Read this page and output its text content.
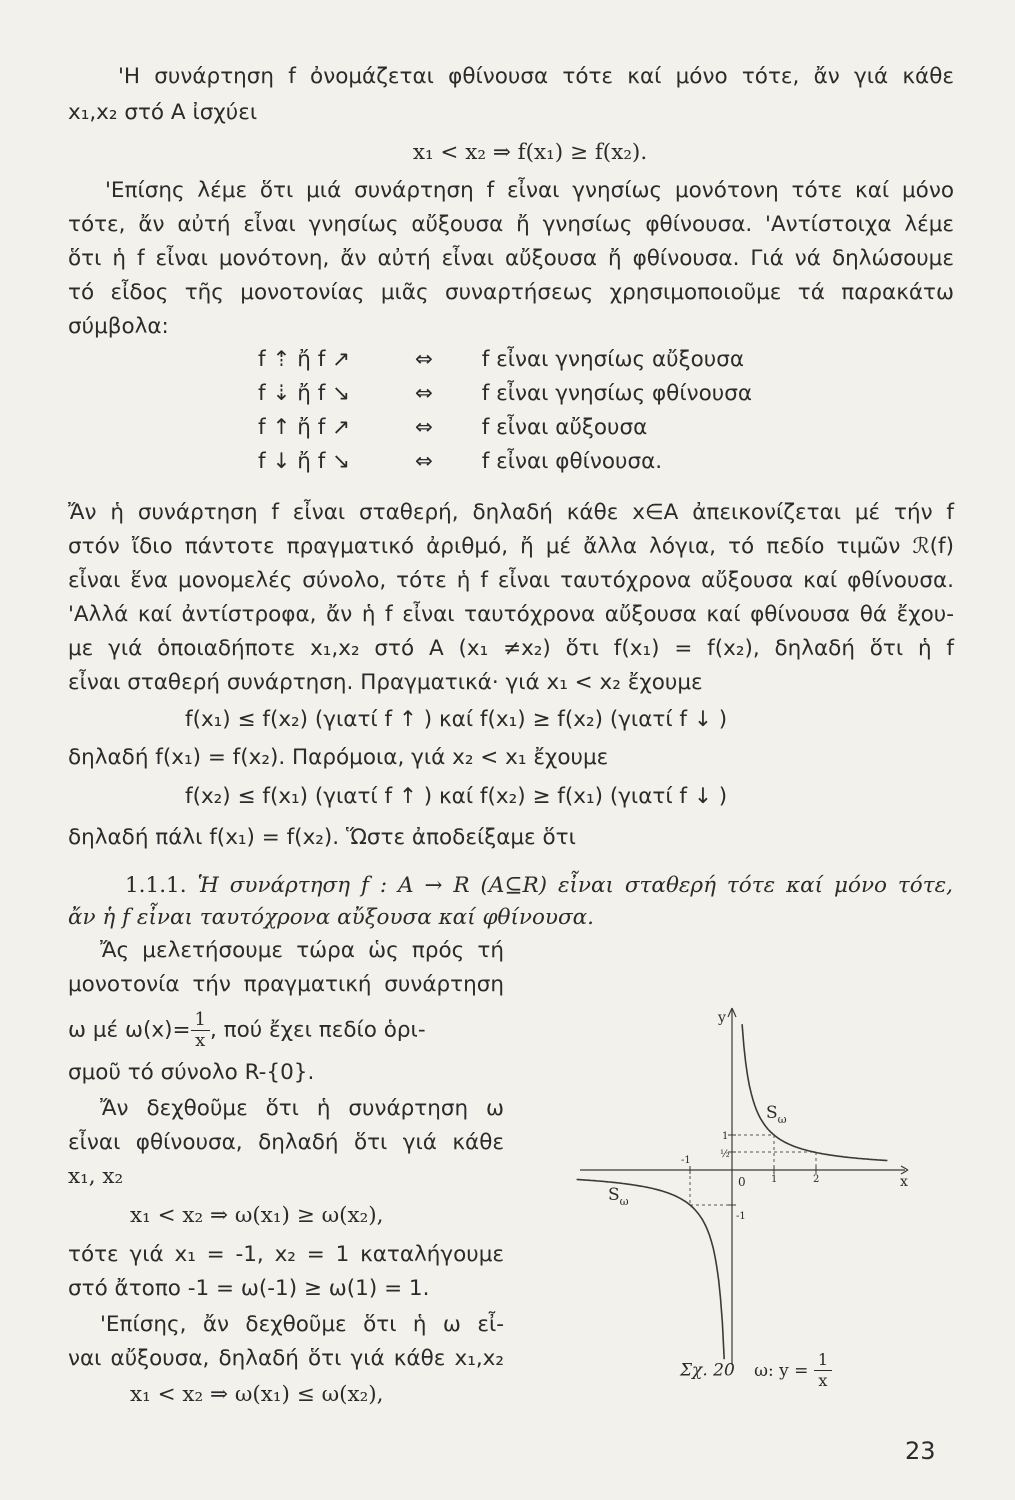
'Η συνάρτηση f ὀνομάζεται φθίνουσα τότε καί μόνο τότε, ἄν γιά κάθε
x₁,x₂ στό A ἰσχύει
x₁ < x₂ ⇒ f(x₁) ≥ f(x₂).
'Επίσης λέμε ὅτι μιά συνάρτηση f εἶναι γνησίως μονότονη τότε καί μόνο
τότε, ἄν αὐτή εἶναι γνησίως αὔξουσα ἤ γνησίως φθίνουσα. 'Αντίστοιχα λέμε
ὅτι ἡ f εἶναι μονότονη, ἄν αὐτή εἶναι αὔξουσα ἤ φθίνουσα. Γιά νά δηλώσουμε
τό εἶδος τῆς μονοτονίας μιᾶς συναρτήσεως χρησιμοποιοῦμε τά παρακάτω
σύμβολα:
f ⇡ ἤ f ↗	⇔ f εἶναι γνησίως αὔξουσα
f ⇣ ἤ f ↘	⇔ f εἶναι γνησίως φθίνουσα
f ↑ ἤ f ↗	⇔ f εἶναι αὔξουσα
f ↓ ἤ f ↘	⇔ f εἶναι φθίνουσα.
Ἄν ἡ συνάρτηση f εἶναι σταθερή, δηλαδή κάθε x∈A ἀπεικονίζεται μέ τήν f
στόν ἴδιο πάντοτε πραγματικό ἀριθμό, ἤ μέ ἄλλα λόγια, τό πεδίο τιμῶν ℛ(f)
εἶναι ἕνα μονομελές σύνολο, τότε ἡ f εἶναι ταυτόχρονα αὔξουσα καί φθίνουσα.
'Αλλά καί ἀντίστροφα, ἄν ἡ f εἶναι ταυτόχρονα αὔξουσα καί φθίνουσα θά ἔχου-
με γιά ὁποιαδήποτε x₁,x₂ στό A (x₁ ≠x₂) ὅτι f(x₁) = f(x₂), δηλαδή ὅτι ἡ f
εἶναι σταθερή συνάρτηση. Πραγματικά· γιά x₁ < x₂ ἔχουμε
f(x₁) ≤ f(x₂) (γιατί f ↑ ) καί f(x₁) ≥ f(x₂) (γιατί f ↓ )
δηλαδή f(x₁) = f(x₂). Παρόμοια, γιά x₂ < x₁ ἔχουμε
f(x₂) ≤ f(x₁) (γιατί f ↑ ) καί f(x₂) ≥ f(x₁) (γιατί f ↓ )
δηλαδή πάλι f(x₁) = f(x₂). Ὥστε ἀποδείξαμε ὅτι
1.1.1. Ἡ συνάρτηση f : A → R (A⊆R) εἶναι σταθερή τότε καί μόνο τότε,
ἄν ἡ f εἶναι ταυτόχρονα αὔξουσα καί φθίνουσα.
Ἄς μελετήσουμε τώρα ὡς πρός τή
μονοτονία τήν πραγματική συνάρτηση
ω μέ $\omega(x)= \frac{1}{x}$ , πού ἔχει πεδίο ὁρι-
σμοῦ τό σύνολο R-{0}.
Ἄν δεχθοῦμε ὅτι ἡ συνάρτηση ω
εἶναι φθίνουσα, δηλαδή ὅτι γιά κάθε
x₁, x₂
x₁ < x₂ ⇒ ω(x₁) ≥ ω(x₂),
τότε γιά x₁ = -1, x₂ = 1 καταλήγουμε
στό ἄτοπο -1 = ω(-1) ≥ ω(1) = 1.
'Επίσης, ἄν δεχθοῦμε ὅτι ἡ ω εἶ-
ναι αὔξουσα, δηλαδή ὅτι γιά κάθε x₁,x₂
x₁ < x₂ ⇒ ω(x₁) ≤ ω(x₂),
y
x
0
1
½
-1
-1
1	2
$S_\omega$
$S_\omega$
Σχ. 20 ω: $y = \frac{1}{x}$
23
